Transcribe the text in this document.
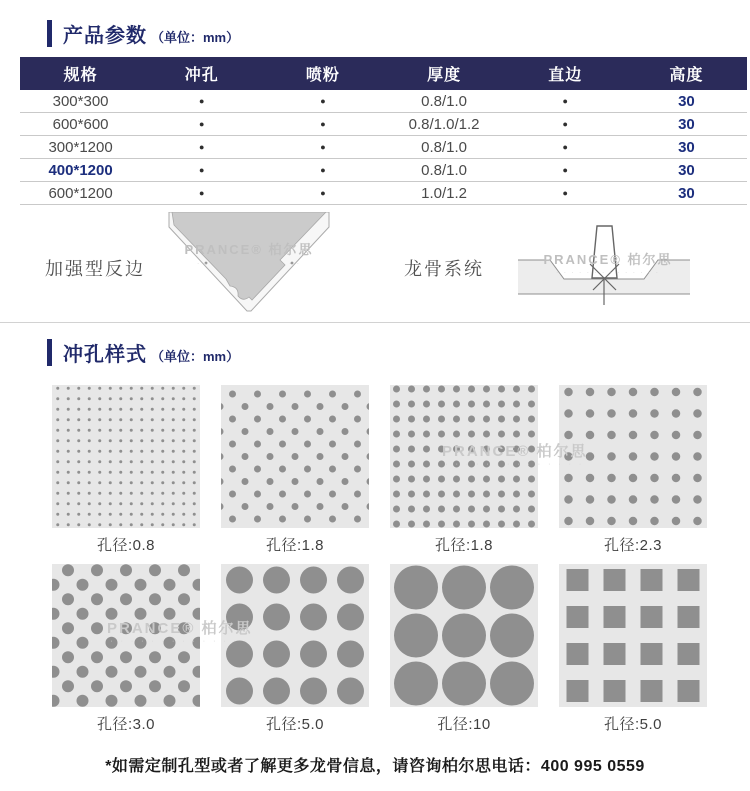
产品参数 （单位：mm）
规格	冲孔	喷粉	厚度	直边	高度
300*300	●	●	0.8/1.0	●	30
600*600	●	●	0.8/1.0/1.2	●	30
300*1200	●	●	0.8/1.0	●	30
400*1200	●	●	0.8/1.0	●	30
600*1200	●	●	1.0/1.2	●	30
加强型反边
PRANCE® 柏尔思
· · · · · · · · · · · · · ·	龙骨系统	PRANCE® 柏尔思
· · · · · · · · · · · · · ·
冲孔样式 （单位：mm）
PRANCE® 柏尔思
· · · · · · · · · · · · · ·
PRANCE® 柏尔思
· · · · · · · · · · · · · ·
孔径:0.8	孔径:1.8	孔径:1.8	孔径:2.3
孔径:3.0	孔径:5.0	孔径:10	孔径:5.0
*如需定制孔型或者了解更多龙骨信息，请咨询柏尔思电话：400 995 0559
